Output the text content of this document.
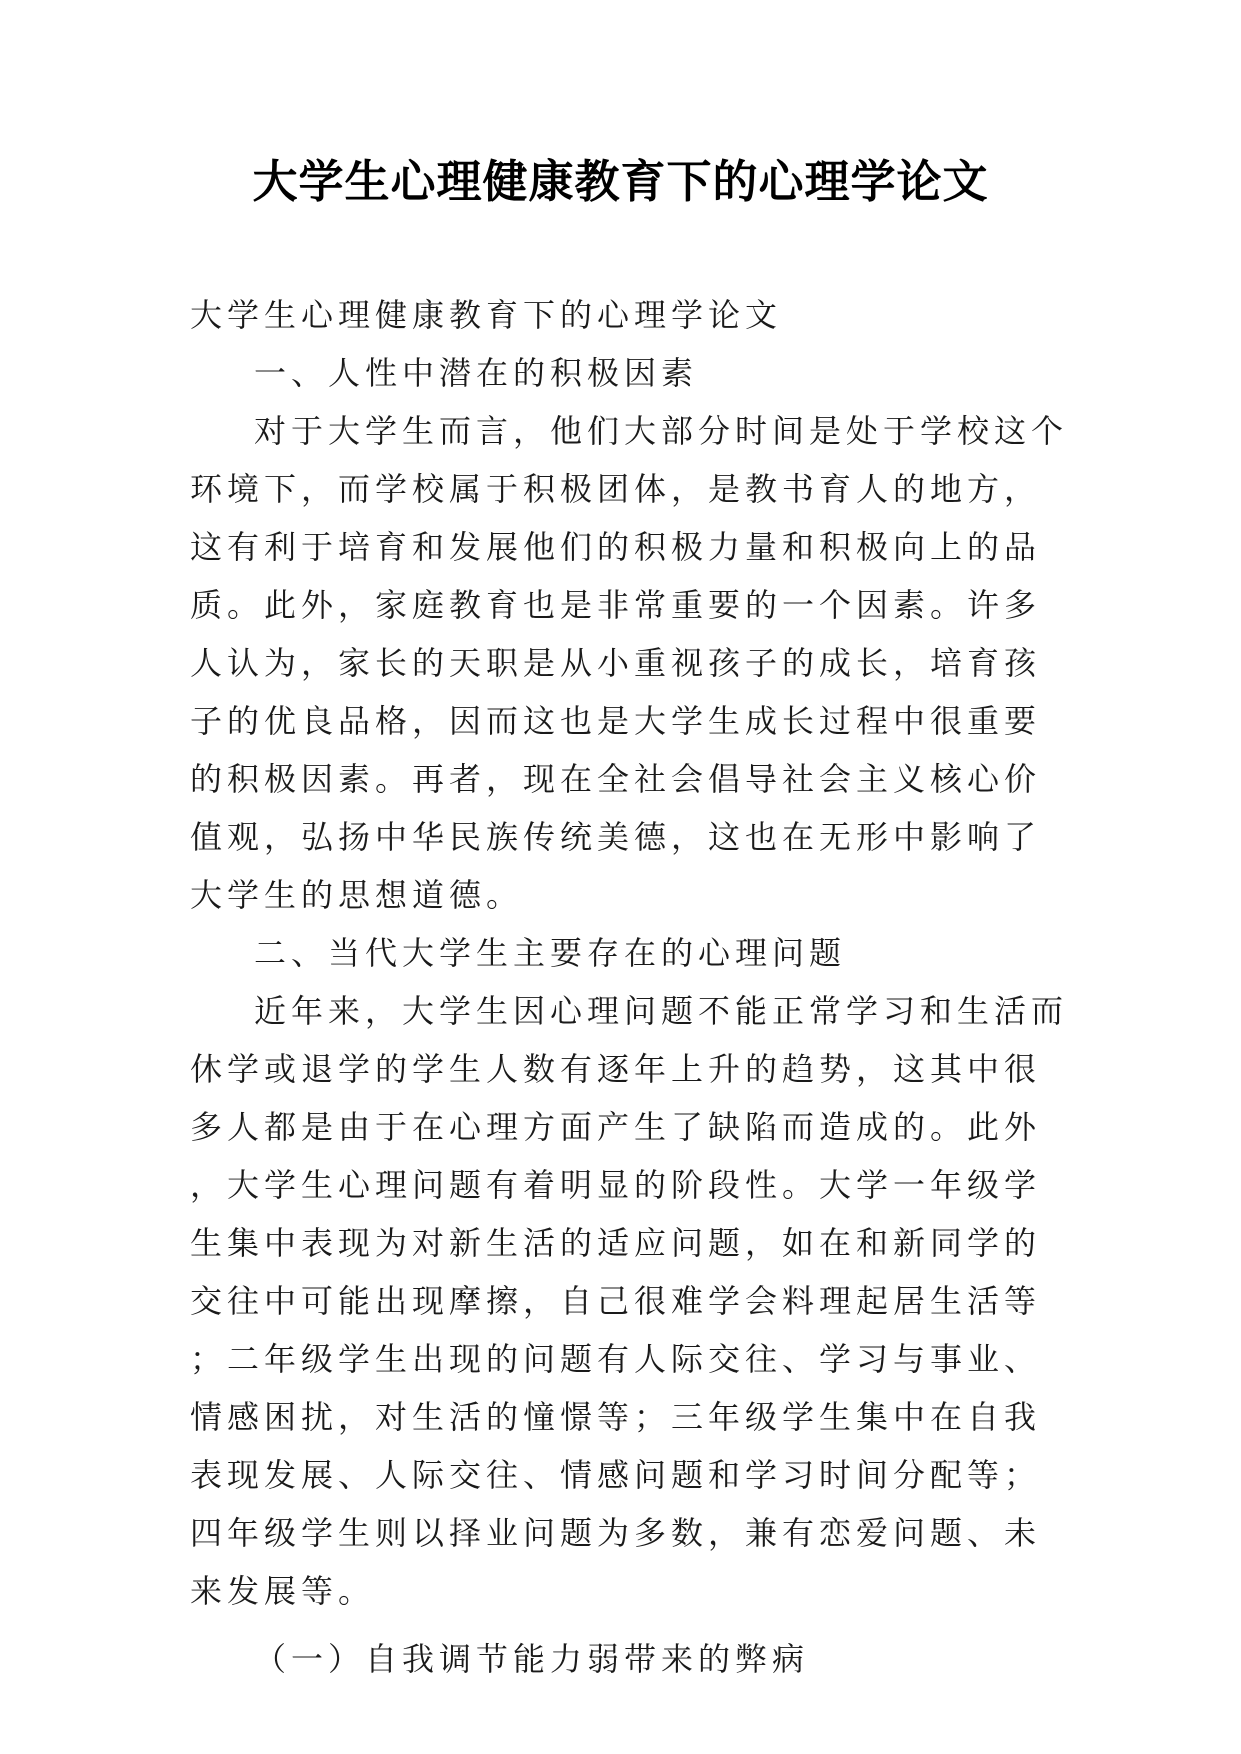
大学生心理健康教育下的心理学论文

大学生心理健康教育下的心理学论文

一、人性中潜在的积极因素

对于大学生而言，他们大部分时间是处于学校这个环境下，而学校属于积极团体，是教书育人的地方，这有利于培育和发展他们的积极力量和积极向上的品质。此外，家庭教育也是非常重要的一个因素。许多人认为，家长的天职是从小重视孩子的成长，培育孩子的优良品格，因而这也是大学生成长过程中很重要的积极因素。再者，现在全社会倡导社会主义核心价值观，弘扬中华民族传统美德，这也在无形中影响了大学生的思想道德。

二、当代大学生主要存在的心理问题

近年来，大学生因心理问题不能正常学习和生活而休学或退学的学生人数有逐年上升的趋势，这其中很多人都是由于在心理方面产生了缺陷而造成的。此外，大学生心理问题有着明显的阶段性。大学一年级学生集中表现为对新生活的适应问题，如在和新同学的交往中可能出现摩擦，自己很难学会料理起居生活等；二年级学生出现的问题有人际交往、学习与事业、情感困扰，对生活的憧憬等；三年级学生集中在自我表现发展、人际交往、情感问题和学习时间分配等；四年级学生则以择业问题为多数，兼有恋爱问题、未来发展等。

（一）自我调节能力弱带来的弊病
